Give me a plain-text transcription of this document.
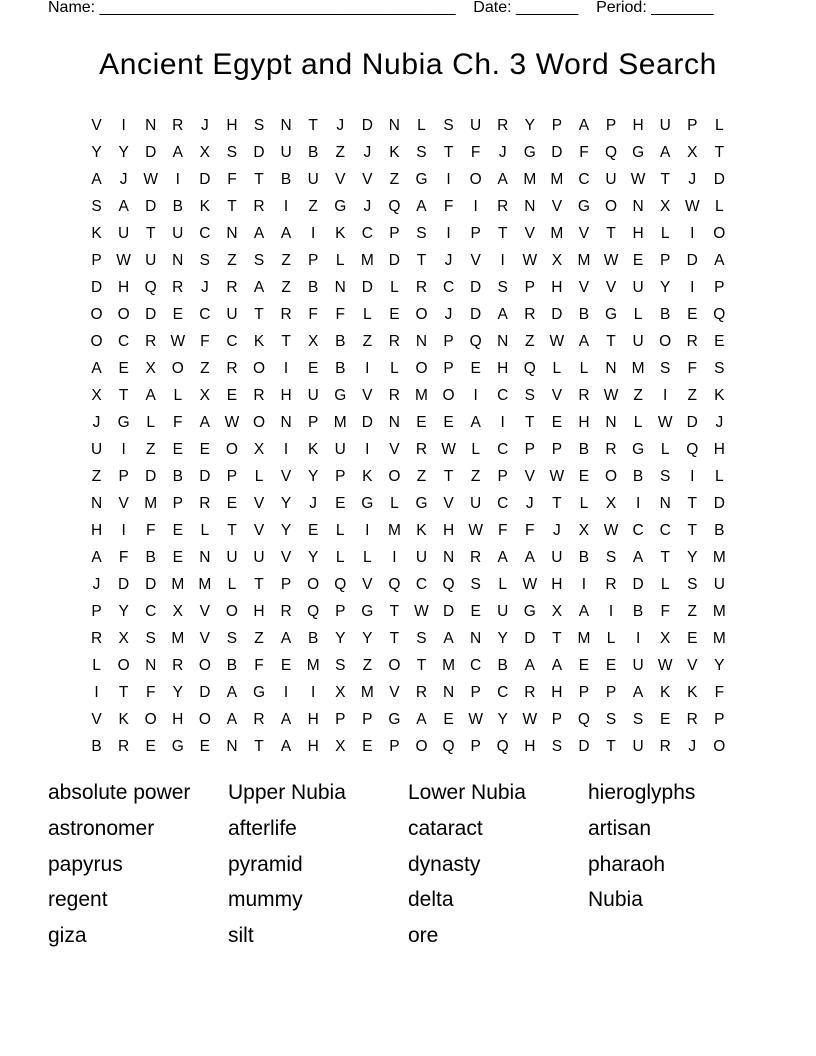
Name: ________________________________________ Date: _______ Period: _______
Ancient Egypt and Nubia Ch. 3 Word Search
V	I	N	R	J	H	S	N	T	J	D	N	L	S	U	R	Y	P	A	P	H	U	P	L
Y	Y	D	A	X	S	D	U	B	Z	J	K	S	T	F	J	G D	F	Q G	A	X	T
A	J	W	I	D	F	T	B	U	V	V	Z	G	I	O	A M M C	U W T	J	D
S	A	D	B	K	T	R	I	Z	G	J	Q	A	F	I	R	N	V	G O N	X W L
K	U	T	U	C	N	A	A	I	K	C	P	S	I	P	T	V M V	T	H	L	I	O
P W U	N	S	Z	S	Z	P	L	M D	T	J	V	I	W X M W E	P	D	A
D	H Q R	J	R	A	Z	B	N	D	L	R	C	D	S	P	H	V	V	U	Y	I	P
O O D	E	C	U	T	R	F	F	L	E	O	J	D	A	R	D	B	G	L	B	E	Q
O C	R W F	C	K	T	X	B	Z	R	N	P	Q N	Z W A	T	U O R	E
A	E	X	O	Z	R O	I	E	B	I	L	O	P	E	H Q	L	L	N M S	F	S
X	T	A	L	X	E	R	H	U G	V	R M O	I	C	S	V	R W Z	I	Z	K
J	G	L	F	A W O N	P M D	N	E	E	A	I	T	E	H	N	L W D	J
U	I	Z	E	E	O	X	I	K	U	I	V	R W L	C	P	P	B	R G	L	Q H
Z	P	D	B	D	P	L	V	Y	P	K	O	Z	T	Z	P	V W E	O	B	S	I	L
N	V M P	R	E	V	Y	J	E	G	L	G	V	U	C	J	T	L	X	I	N	T	D
H	I	F	E	L	T	V	Y	E	L	I	M K	H W F	F	J	X W C	C	T	B
A	F	B	E	N	U	U	V	Y	L	L	I	U	N	R	A	A	U	B	S	A	T	Y M
J	D	D M M	L	T	P	O Q	V	Q C Q	S	L W H	I	R	D	L	S	U
P	Y	C	X	V	O H	R Q	P	G	T W D	E	U G	X	A	I	B	F	Z	M
R	X	S M V	S	Z	A	B	Y	Y	T	S	A	N	Y	D	T	M	L	I	X	E M
L	O N	R O	B	F	E M S	Z	O	T	M C	B	A	A	E	E	U W V	Y
I	T	F	Y	D	A	G	I	I	X M V	R	N	P	C	R	H	P	P	A	K	K	F
V	K	O H O	A	R	A	H	P	P	G	A	E W Y W P	Q	S	S	E	R	P
B	R	E	G	E	N	T	A	H	X	E	P	O Q	P	Q H	S	D	T	U	R	J	O
absolute power	Upper Nubia	Lower Nubia	hieroglyphs
astronomer	afterlife	cataract	artisan
papyrus	pyramid	dynasty	pharaoh
regent	mummy	delta	Nubia
giza	silt	ore
